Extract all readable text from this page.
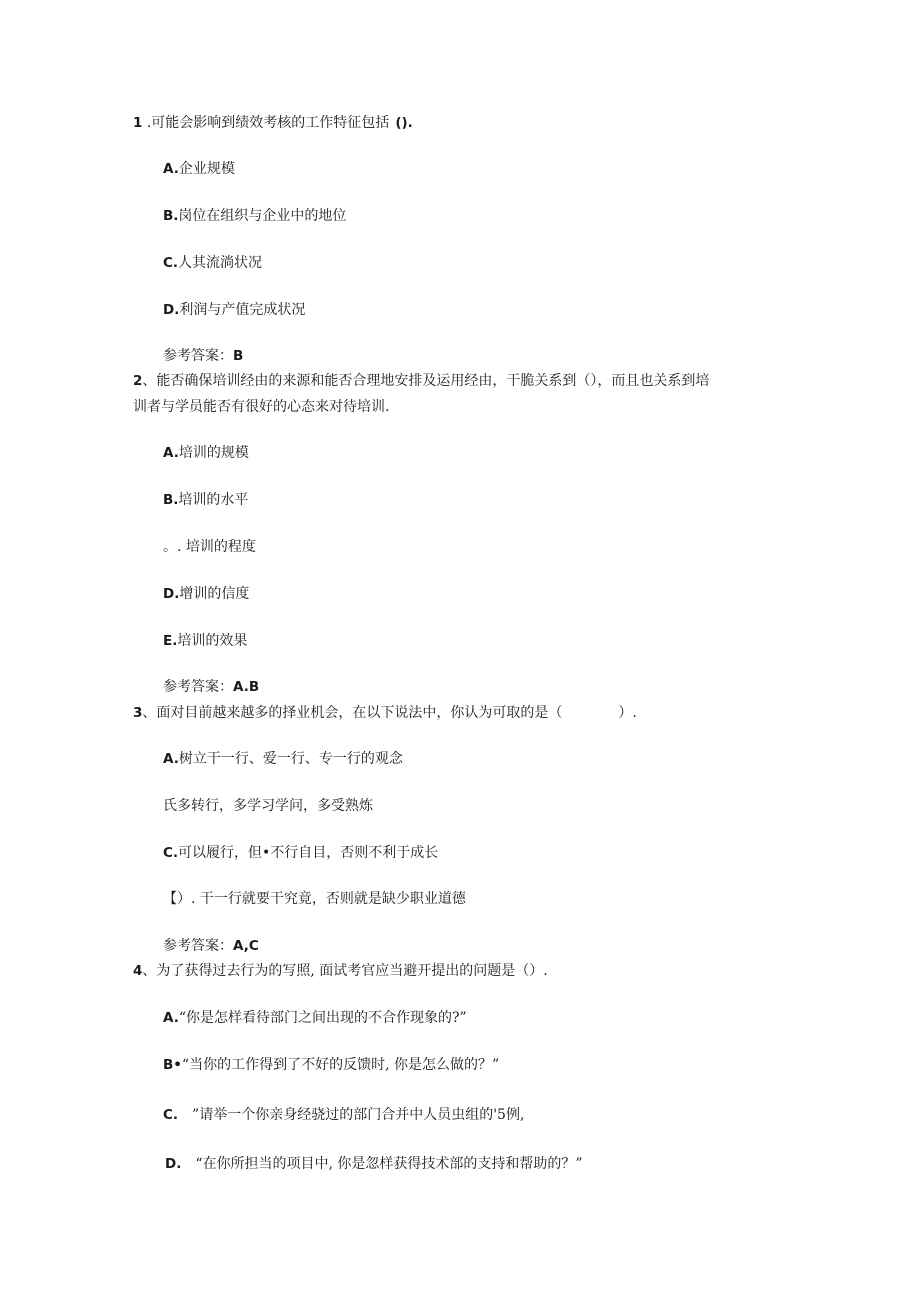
1 .可能会影响到绩效考核的工作特征包括 ().
A.企业规模
B.岗位在组织与企业中的地位
C.人其流淌状况
D.利润与产值完成状况
参考答案：B
2、能否确保培训经由的来源和能否合理地安排及运用经由，干脆关系到（），而且也关系到培
训者与学员能否有很好的心态来对待培训.
A.培训的规模
B.培训的水平
。. 培训的程度
D.增训的信度
E.培训的效果
参考答案：A.B
3、面对目前越来越多的择业机会，在以下说法中，你认为可取的是（　　　　）.
A.树立干一行、爱一行、专一行的观念
氏多转行，多学习学问，多受熟炼
C.可以履行，但•不行自目，否则不利于成长
【）. 干一行就要干究竟，否则就是缺少职业道德
参考答案：A,C
4、为了获得过去行为的写照, 面试考官应当避开提出的问题是（）.
A.“你是怎样看待部门之间出现的不合作现象的?”
B•“当你的工作得到了不好的反馈时, 你是怎么做的？”
C.　”请举一个你亲身经骁过的部门合并中人员虫组的'5例,
D.　“在你所担当的项目中, 你是忽样获得技术部的支持和帮助的？”
